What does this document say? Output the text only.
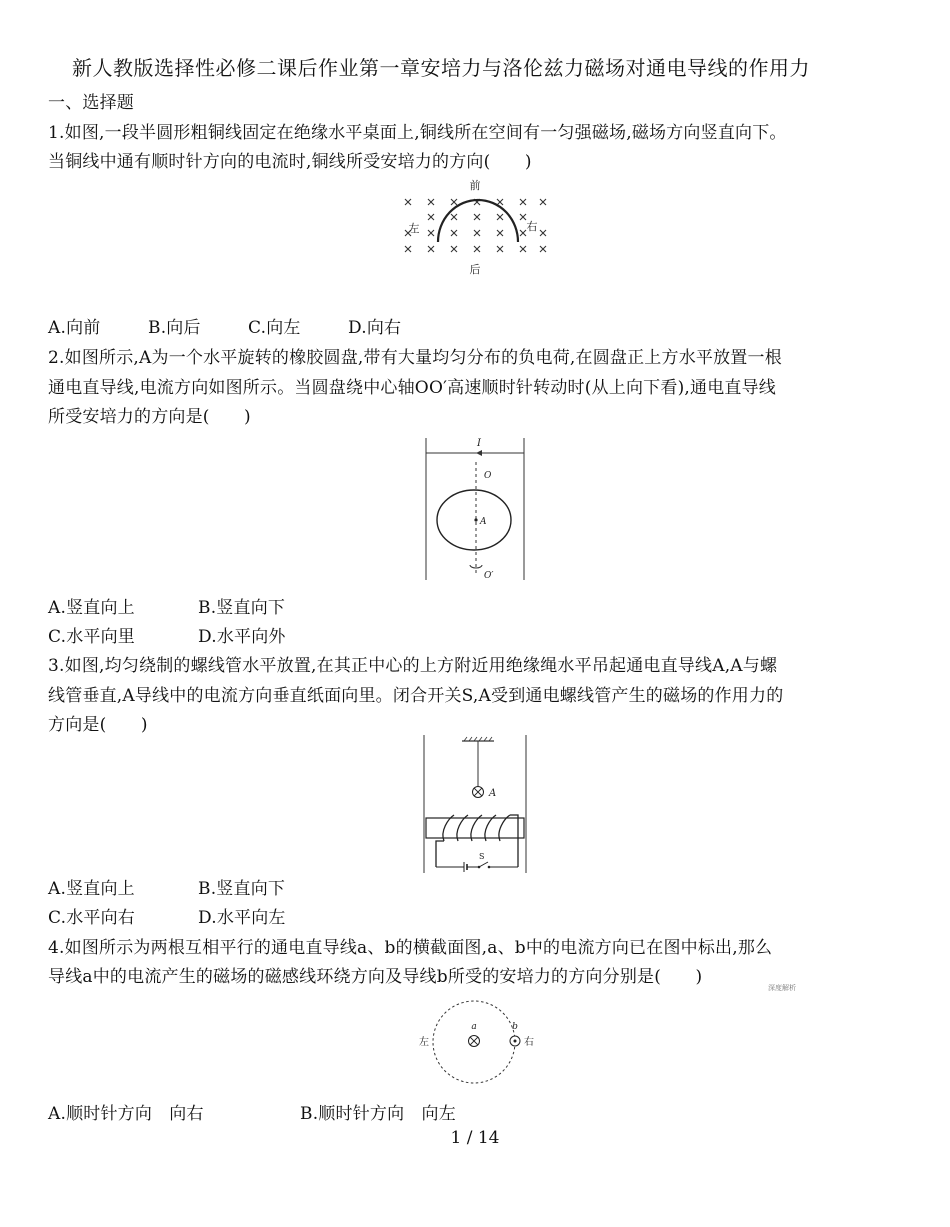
新人教版选择性必修二课后作业第一章安培力与洛伦兹力磁场对通电导线的作用力
一、选择题
1.如图,一段半圆形粗铜线固定在绝缘水平桌面上,铜线所在空间有一匀强磁场,磁场方向竖直向下。
当铜线中通有顺时针方向的电流时,铜线所受安培力的方向(　　)
前
后
左	右
A.向前	B.向后	C.向左	D.向右
2.如图所示,A为一个水平旋转的橡胶圆盘,带有大量均匀分布的负电荷,在圆盘正上方水平放置一根
通电直导线,电流方向如图所示。当圆盘绕中心轴OO′高速顺时针转动时(从上向下看),通电直导线
所受安培力的方向是(　　)
I
O
A
O′
A.竖直向上	B.竖直向下
C.水平向里	D.水平向外
3.如图,均匀绕制的螺线管水平放置,在其正中心的上方附近用绝缘绳水平吊起通电直导线A,A与螺
线管垂直,A导线中的电流方向垂直纸面向里。闭合开关S,A受到通电螺线管产生的磁场的作用力的
方向是(　　)
A
S
A.竖直向上	B.竖直向下
C.水平向右	D.水平向左
4.如图所示为两根互相平行的通电直导线a、b的横截面图,a、b中的电流方向已在图中标出,那么
导线a中的电流产生的磁场的磁感线环绕方向及导线b所受的安培力的方向分别是(　　)
深度解析
左	右
a	b
A.顺时针方向　向右	B.顺时针方向　向左
1 / 14
